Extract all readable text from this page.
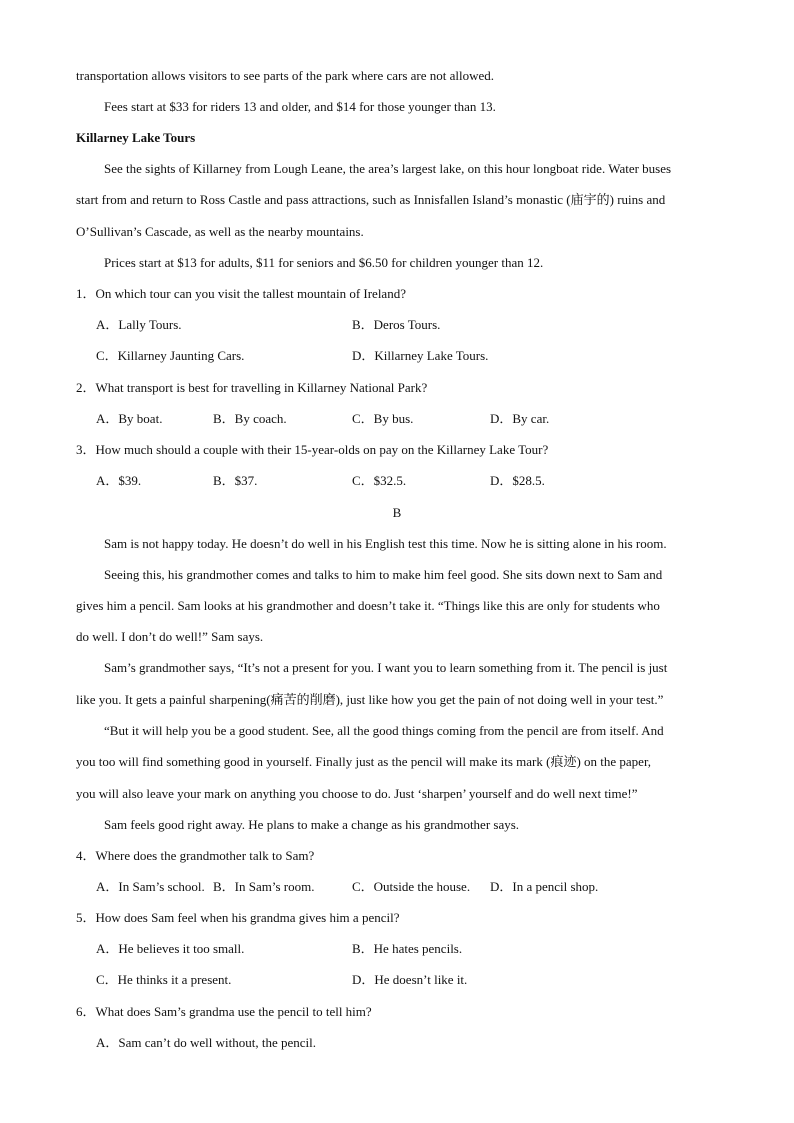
transportation allows visitors to see parts of the park where cars are not allowed.
Fees start at $33 for riders 13 and older, and $14 for those younger than 13.
Killarney Lake Tours
See the sights of Killarney from Lough Leane, the area’s largest lake, on this hour longboat ride. Water buses
start from and return to Ross Castle and pass attractions, such as Innisfallen Island’s monastic (庙宇的) ruins and
O’Sullivan’s Cascade, as well as the nearby mountains.
Prices start at $13 for adults, $11 for seniors and $6.50 for children younger than 12.
1．On which tour can you visit the tallest mountain of Ireland?
A．Lally Tours.	B．Deros Tours.
C．Killarney Jaunting Cars.	D．Killarney Lake Tours.
2．What transport is best for travelling in Killarney National Park?
A．By boat.	B．By coach.	C．By bus.	D．By car.
3．How much should a couple with their 15-year-olds on pay on the Killarney Lake Tour?
A．$39.	B．$37.	C．$32.5.	D．$28.5.
B
Sam is not happy today. He doesn’t do well in his English test this time. Now he is sitting alone in his room.
Seeing this, his grandmother comes and talks to him to make him feel good. She sits down next to Sam and
gives him a pencil. Sam looks at his grandmother and doesn’t take it. “Things like this are only for students who
do well. I don’t do well!” Sam says.
Sam’s grandmother says, “It’s not a present for you. I want you to learn something from it. The pencil is just
like you. It gets a painful sharpening(痛苦的削磨), just like how you get the pain of not doing well in your test.”
“But it will help you be a good student. See, all the good things coming from the pencil are from itself. And
you too will find something good in yourself. Finally just as the pencil will make its mark (痕迹) on the paper,
you will also leave your mark on anything you choose to do. Just ‘sharpen’ yourself and do well next time!”
Sam feels good right away. He plans to make a change as his grandmother says.
4．Where does the grandmother talk to Sam?
A．In Sam’s school. B．In Sam’s room.	C．Outside the house. D．In a pencil shop.
5．How does Sam feel when his grandma gives him a pencil?
A．He believes it too small.	B．He hates pencils.
C．He thinks it a present.	D．He doesn’t like it.
6．What does Sam’s grandma use the pencil to tell him?
A．Sam can’t do well without, the pencil.
